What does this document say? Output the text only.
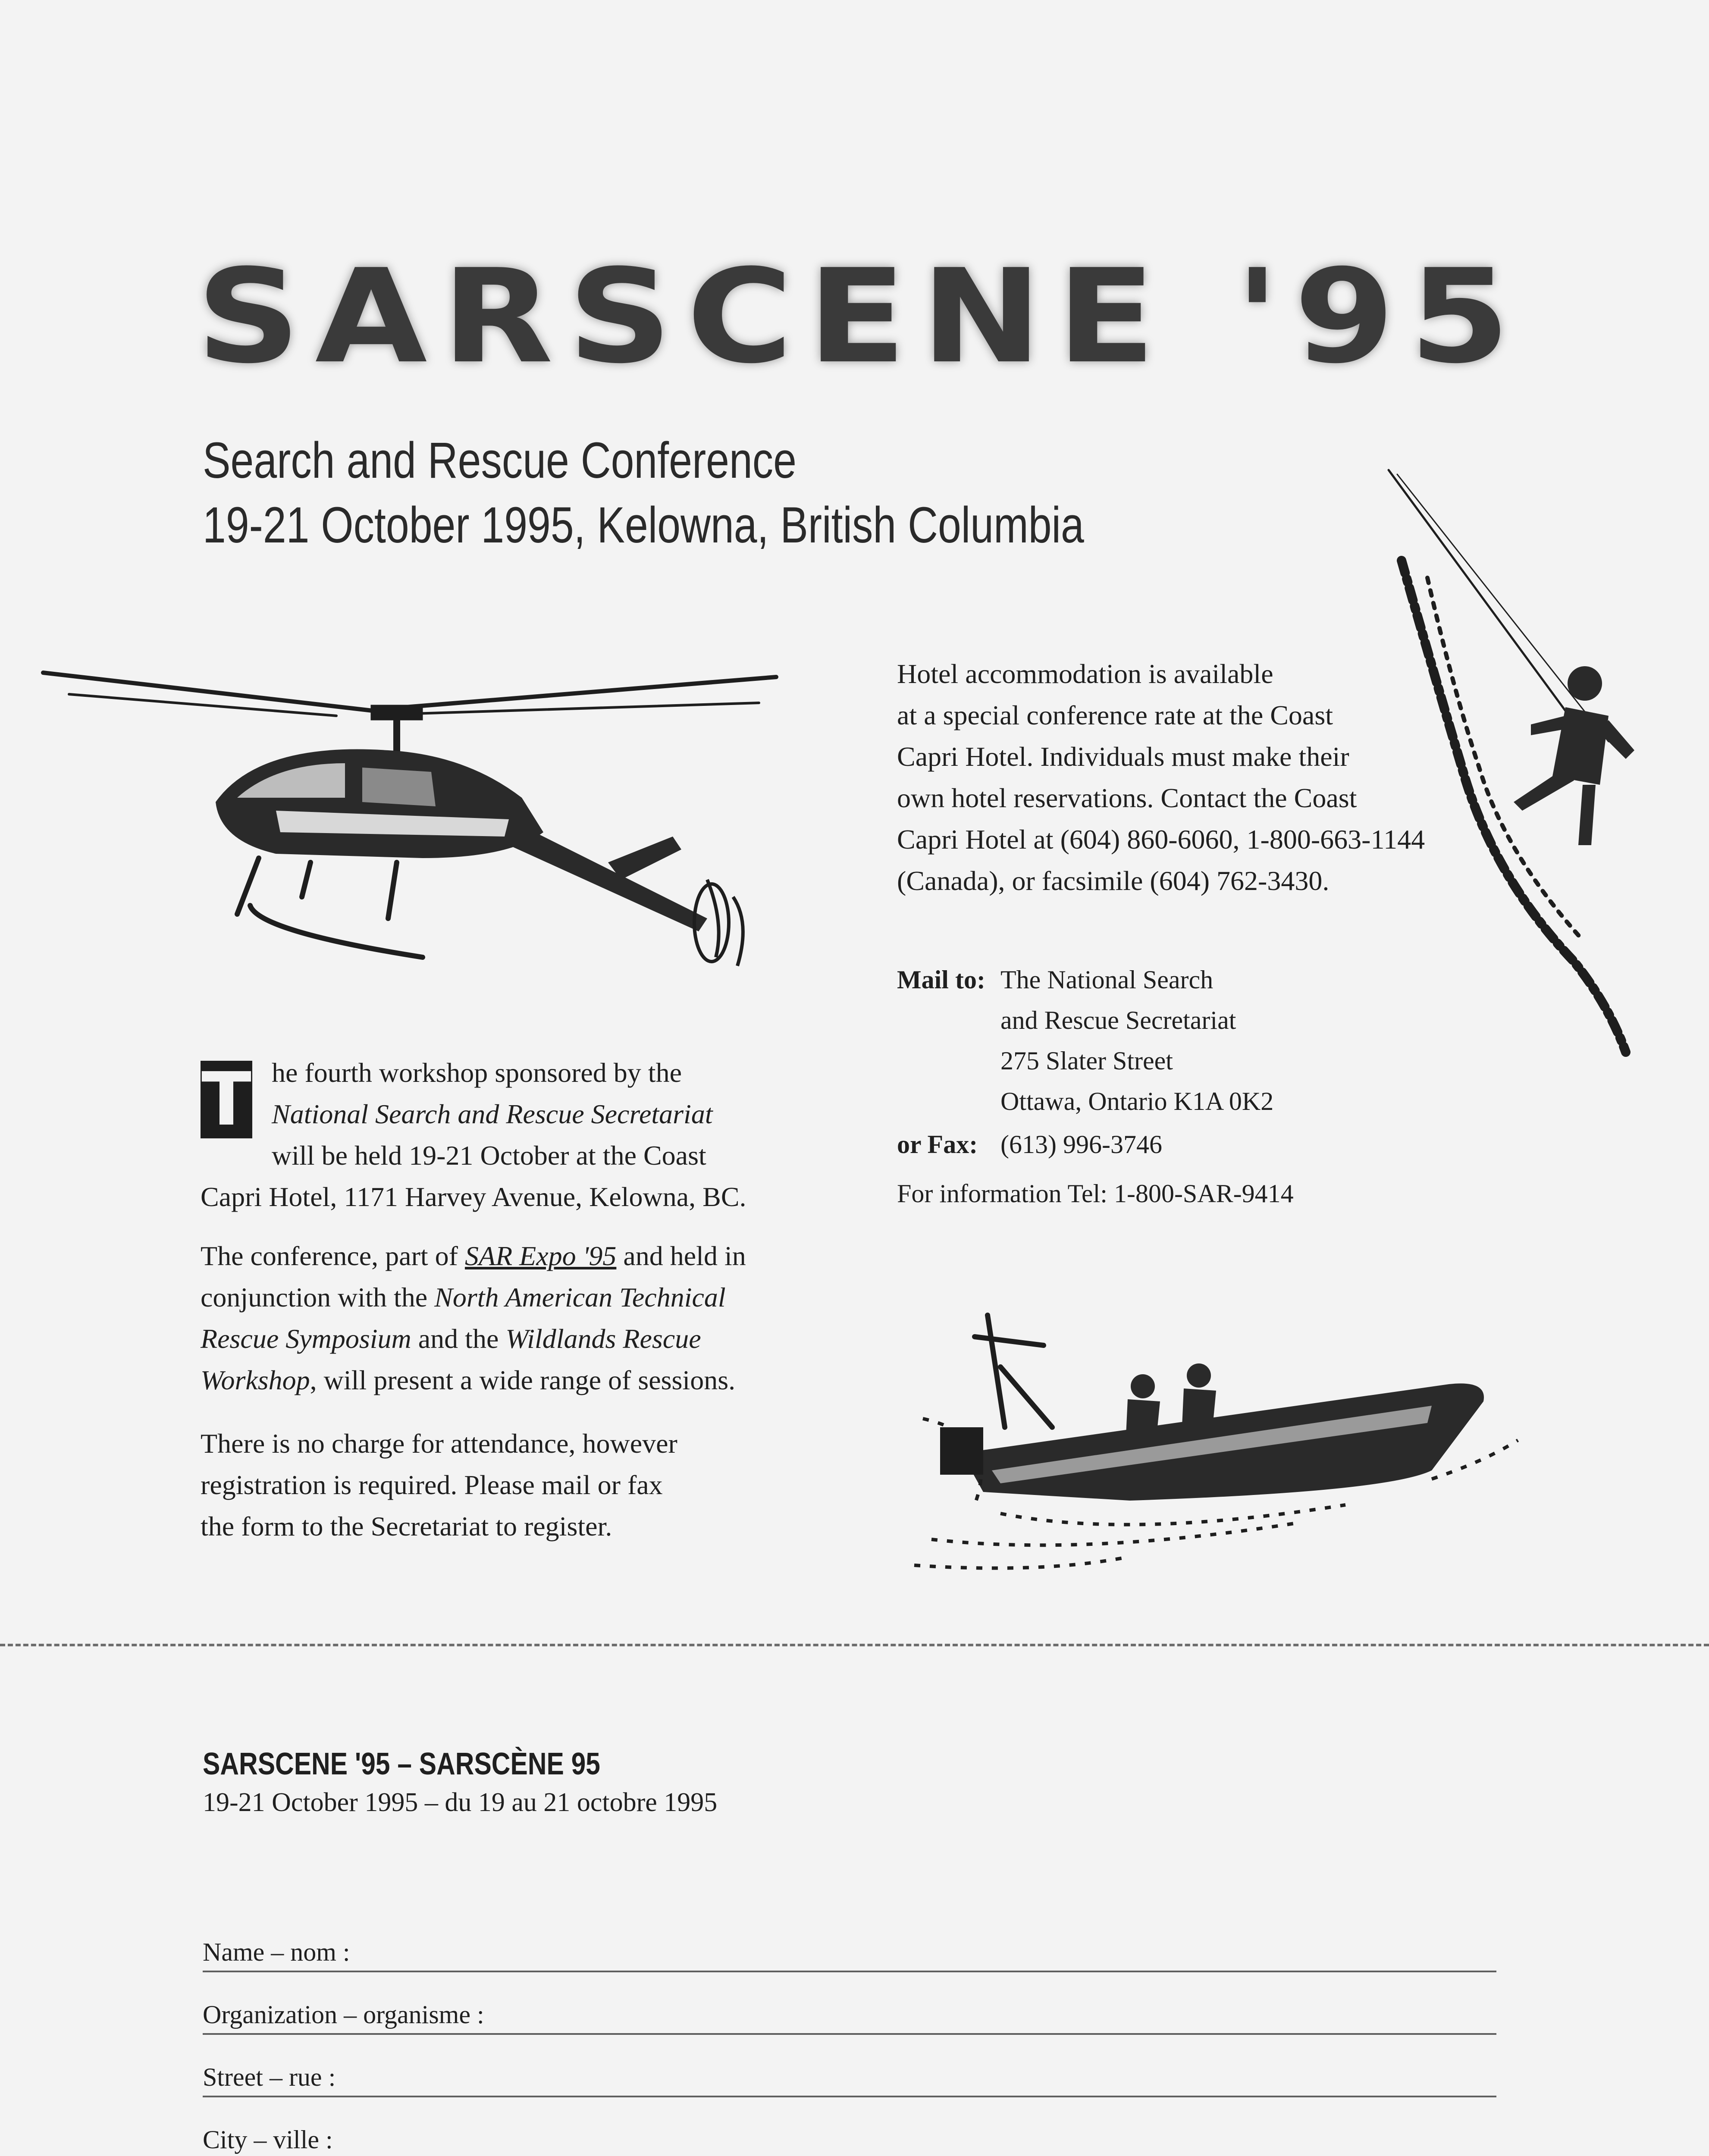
SARSCENE '95
Search and Rescue Conference
19-21 October 1995, Kelowna, British Columbia
T he fourth workshop sponsored by the

National Search and Rescue Secretariat

will be held 19-21 October at the Coast

Capri Hotel, 1171 Harvey Avenue, Kelowna, BC.

The conference, part of SAR Expo '95 and held in conjunction with the North American Technical Rescue Symposium and the Wildlands Rescue Workshop, will present a wide range of sessions.

There is no charge for attendance, however

registration is required. Please mail or fax

the form to the Secretariat to register.

Hotel accommodation is available

at a special conference rate at the Coast

Capri Hotel. Individuals must make their

own hotel reservations. Contact the Coast

Capri Hotel at (604) 860-6060, 1-800-663-1144

(Canada), or facsimile (604) 762-3430.

Mail to: The National Search

and Rescue Secretariat

275 Slater Street

Ottawa, Ontario K1A 0K2

or Fax: (613) 996-3746

For information Tel: 1-800-SAR-9414

SARSCENE '95 – SARSCÈNE 95
19-21 October 1995 – du 19 au 21 octobre 1995
Name – nom :
Organization – organisme :
Street – rue :
City – ville :
